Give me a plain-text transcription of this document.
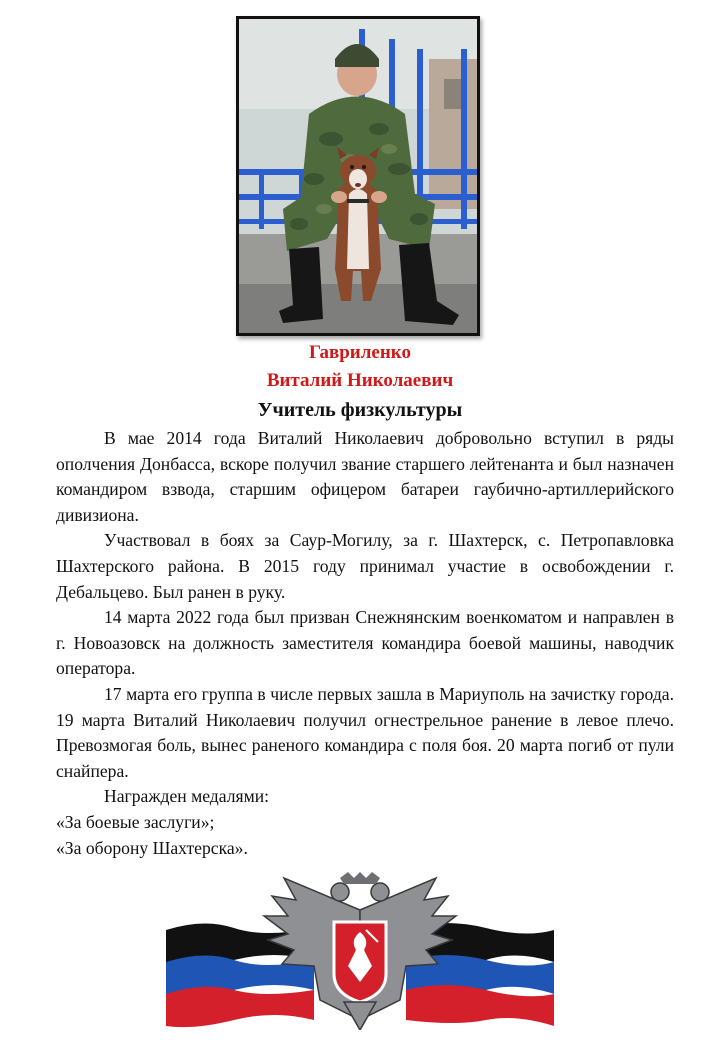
Гавриленко
Виталий Николаевич
Учитель физкультуры

В мае 2014 года Виталий Николаевич добровольно вступил в ряды ополчения Донбасса, вскоре получил звание старшего лейтенанта и был назначен командиром взвода, старшим офицером батареи гаубично-артиллерийского дивизиона.

Участвовал в боях за Саур-Могилу, за г. Шахтерск, с. Петропавловка Шахтерского района. В 2015 году принимал участие в освобождении г. Дебальцево. Был ранен в руку.

14 марта 2022 года был призван Снежнянским военкоматом и направлен в г. Новоазовск на должность заместителя командира боевой машины, наводчик оператора.

17 марта его группа в числе первых зашла в Мариуполь на зачистку города. 19 марта Виталий Николаевич получил огнестрельное ранение в левое плечо. Превозмогая боль, вынес раненого командира с поля боя. 20 марта погиб от пули снайпера.

Награжден медалями:

«За боевые заслуги»;

«За оборону Шахтерска».
